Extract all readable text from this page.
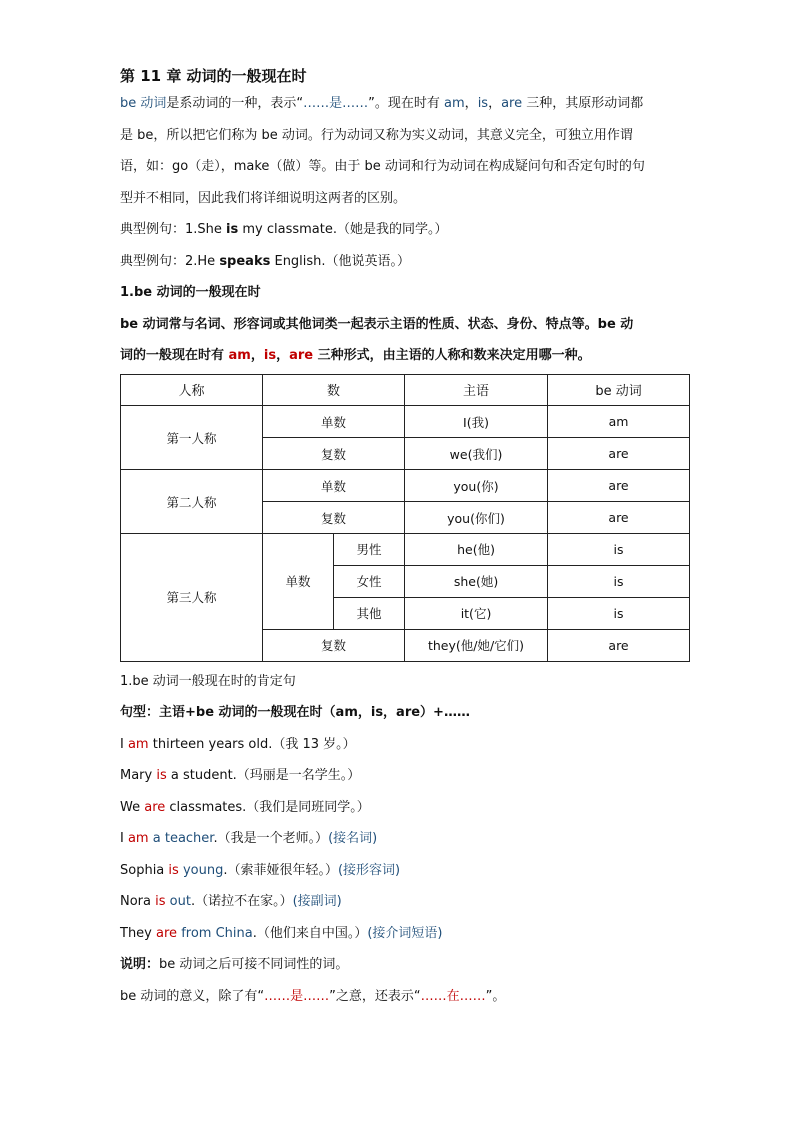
第 11 章 动词的一般现在时

be 动词是系动词的一种，表示“……是……”。现在时有 am，is，are 三种，其原形动词都

是 be，所以把它们称为 be 动词。行为动词又称为实义动词，其意义完全，可独立用作谓

语，如：go（走），make（做）等。由于 be 动词和行为动词在构成疑问句和否定句时的句

型并不相同，因此我们将详细说明这两者的区别。

典型例句：1.She is my classmate.（她是我的同学。）

典型例句：2.He speaks English.（他说英语。）

1.be 动词的一般现在时

be 动词常与名词、形容词或其他词类一起表示主语的性质、状态、身份、特点等。be 动

词的一般现在时有 am，is，are 三种形式，由主语的人称和数来决定用哪一种。

人称	数		主语	be 动词
第一人称	单数		I(我)	am
	复数		we(我们)	are
第二人称	单数		you(你)	are
	复数		you(你们)	are
第三人称	单数	男性	he(他)	is
		女性	she(她)	is
		其他	it(它)	is
	复数		they(他/她/它们)	are

1.be 动词一般现在时的肯定句

句型：主语+be 动词的一般现在时（am，is，are）+……

I am thirteen years old.（我 13 岁。）

Mary is a student.（玛丽是一名学生。）

We are classmates.（我们是同班同学。）

I am a teacher.（我是一个老师。）(接名词)

Sophia is young.（索菲娅很年轻。）(接形容词)

Nora is out.（诺拉不在家。）(接副词)

They are from China.（他们来自中国。）(接介词短语)

说明：be 动词之后可接不同词性的词。

be 动词的意义，除了有“……是……”之意，还表示“……在……”。
